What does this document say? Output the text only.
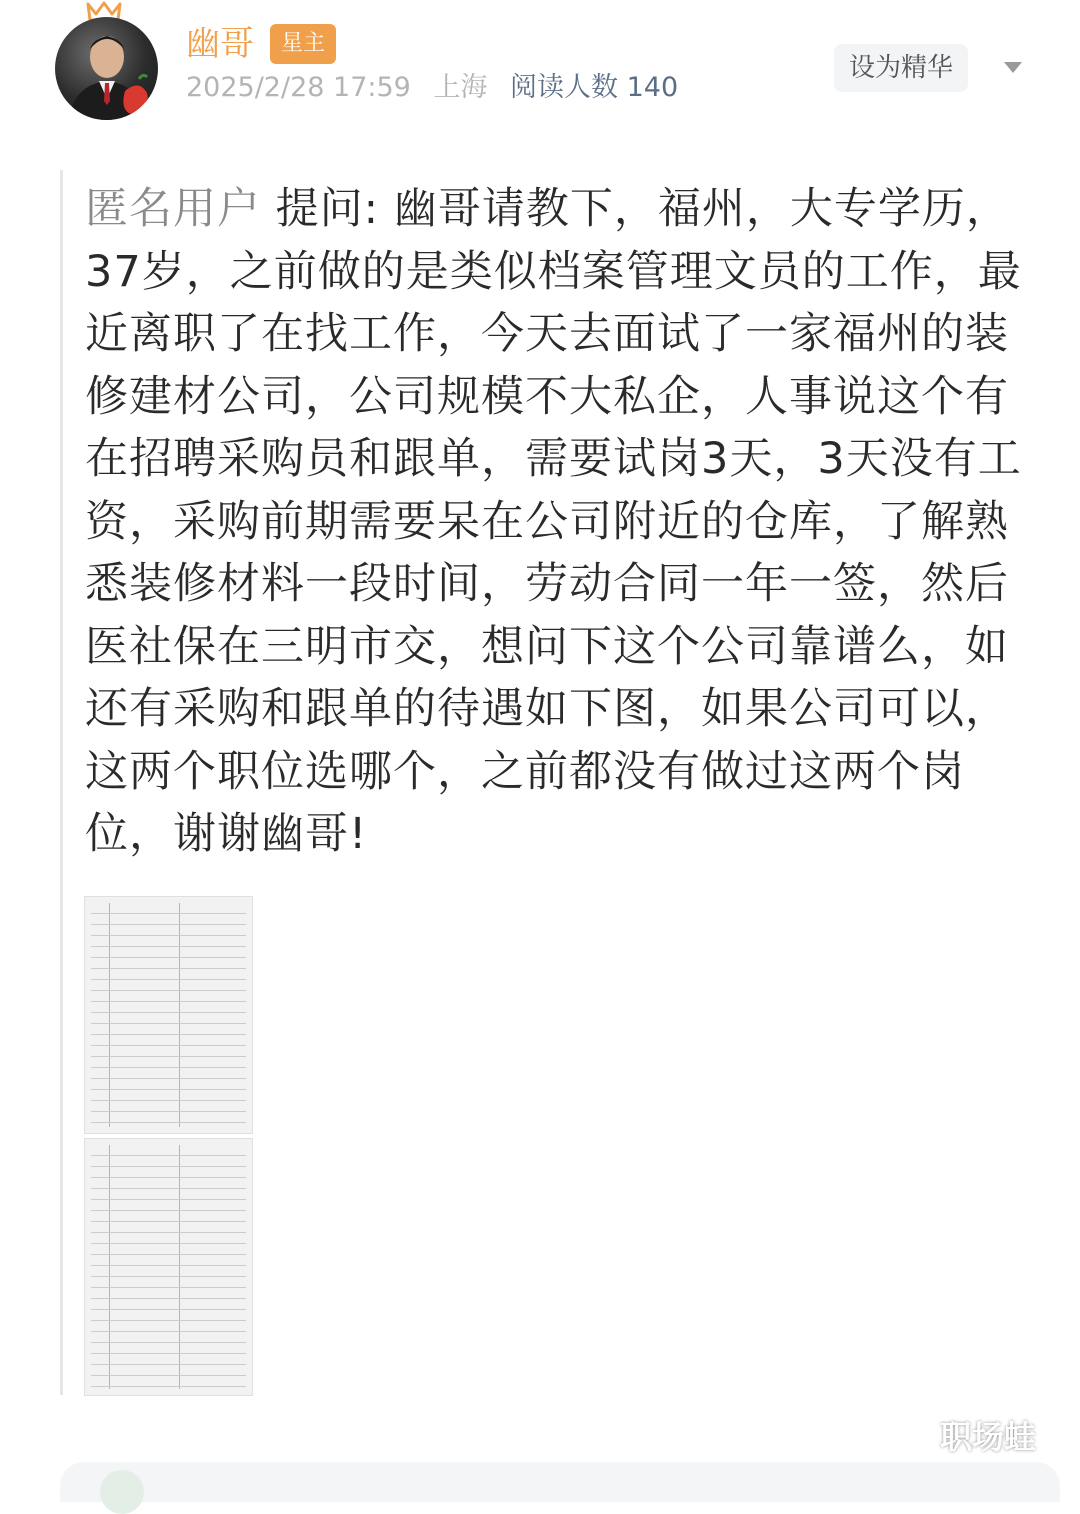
幽哥	星主
2025/2/28 17:59 上海 阅读人数 140
设为精华

匿名用户 提问: 幽哥请教下，福州，大专学历，37岁，之前做的是类似档案管理文员的工作，最近离职了在找工作，今天去面试了一家福州的装修建材公司，公司规模不大私企，人事说这个有在招聘采购员和跟单，需要试岗3天，3天没有工资，采购前期需要呆在公司附近的仓库，了解熟悉装修材料一段时间，劳动合同一年一签，然后医社保在三明市交，想问下这个公司靠谱么，如还有采购和跟单的待遇如下图，如果公司可以，这两个职位选哪个，之前都没有做过这两个岗位，谢谢幽哥!

职场蛙
